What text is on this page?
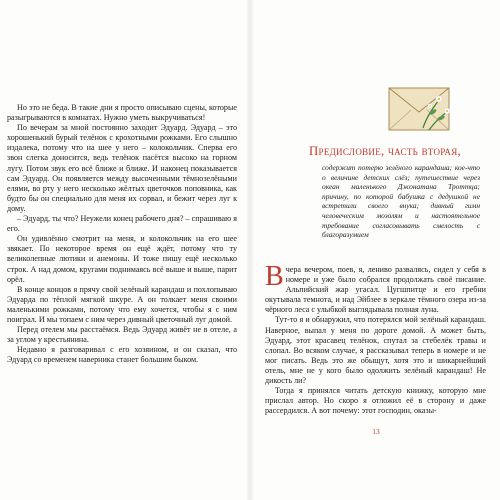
Но это не беда. В такие дни я просто описываю сцены, которые разыгрываются в комнатах. Нужно уметь выкручиваться!

По вечерам за мной постоянно заходит Эдуард. Эдуард – это хорошенький бурый телёнок с крохотными рожками. Его слышно издалека, потому что на шее у него – колокольчик. Сперва его звон слегка доносится, ведь телёнок пасётся высоко на горном лугу. Потом звук его всё ближе и ближе. И наконец показывается сам Эдуард. Он появляется между высоченными тёмнозелёными елями, во рту у него несколько жёлтых цветочков поповника, как будто бы он специально для меня их сорвал, и бежит через луг к дому.

– Эдуард, ты что? Неужели конец рабочего дня? – спрашиваю я его.

Он удивлённо смотрит на меня, и колокольчик на его шее звякает. По некоторое время он ещё ждёт, потому что ту великолепные лютики и анемоны. И тоже пишу ещё несколько строк. А над домом, кругами поднимаясь всё выше и выше, парит орёл.

В конце концов я прячу свой зелёный карандаш и похлопываю Эдуарда по тёплой мягкой шкуре. А он толкает меня своими маленькими рожками, потому что ему хочется, чтобы я с ним поиграл. И мы топаем с ним через дивный цветочный луг домой.

Перед отелем мы расстаёмся. Ведь Эдуард живёт не в отеле, а за углом у крестьянина.

Недавно я разговаривал с его хозяином, и он сказал, что Эдуард со временем наверника станет большим быком.

Предисловие, часть вторая,
содержит потерю зелёного карандаша; кое-что о величине детских слёз; путешествие через океан маленького Джонатана Троттца; причину, по которой бабушка с дедушкой не встретили своего внука; дивный гимн человеческим мозолям и настоятельное требование согласовывать смелость с благоразумием

Вчера вечером, поев, я, лениво развалясь, сидел у себя в номере и уже было собрался продолжать своё писание. Альпийский жар угасал. Цугшпитце и его гребни окутывала темнота, и над Эйбзее в зеркале тёмного озера из-за чёрного леса с улыбкой выглядывала полная луна.

Тут-то я и обнаружил, что потерялся мой зелёный карандаш. Наверное, выпал у меня по дороге домой. А может быть, Эдуард, этот красавец телёнок, спутал за стебелёк травы и слопал. Во всяком случае, я рассказывал теперь в номере и не мог писать. Ведь это же обыщут, хотя это и шикарнейший отель, мне не у кого было одолжить зелёный карандаш! Не дикость ли?

Тогда я принялся читать детскую книжку, которую мне прислал автор. Но скоро я отложил её в сторону и даже рассердился. А вот почему: этот господин, оказы-

13
